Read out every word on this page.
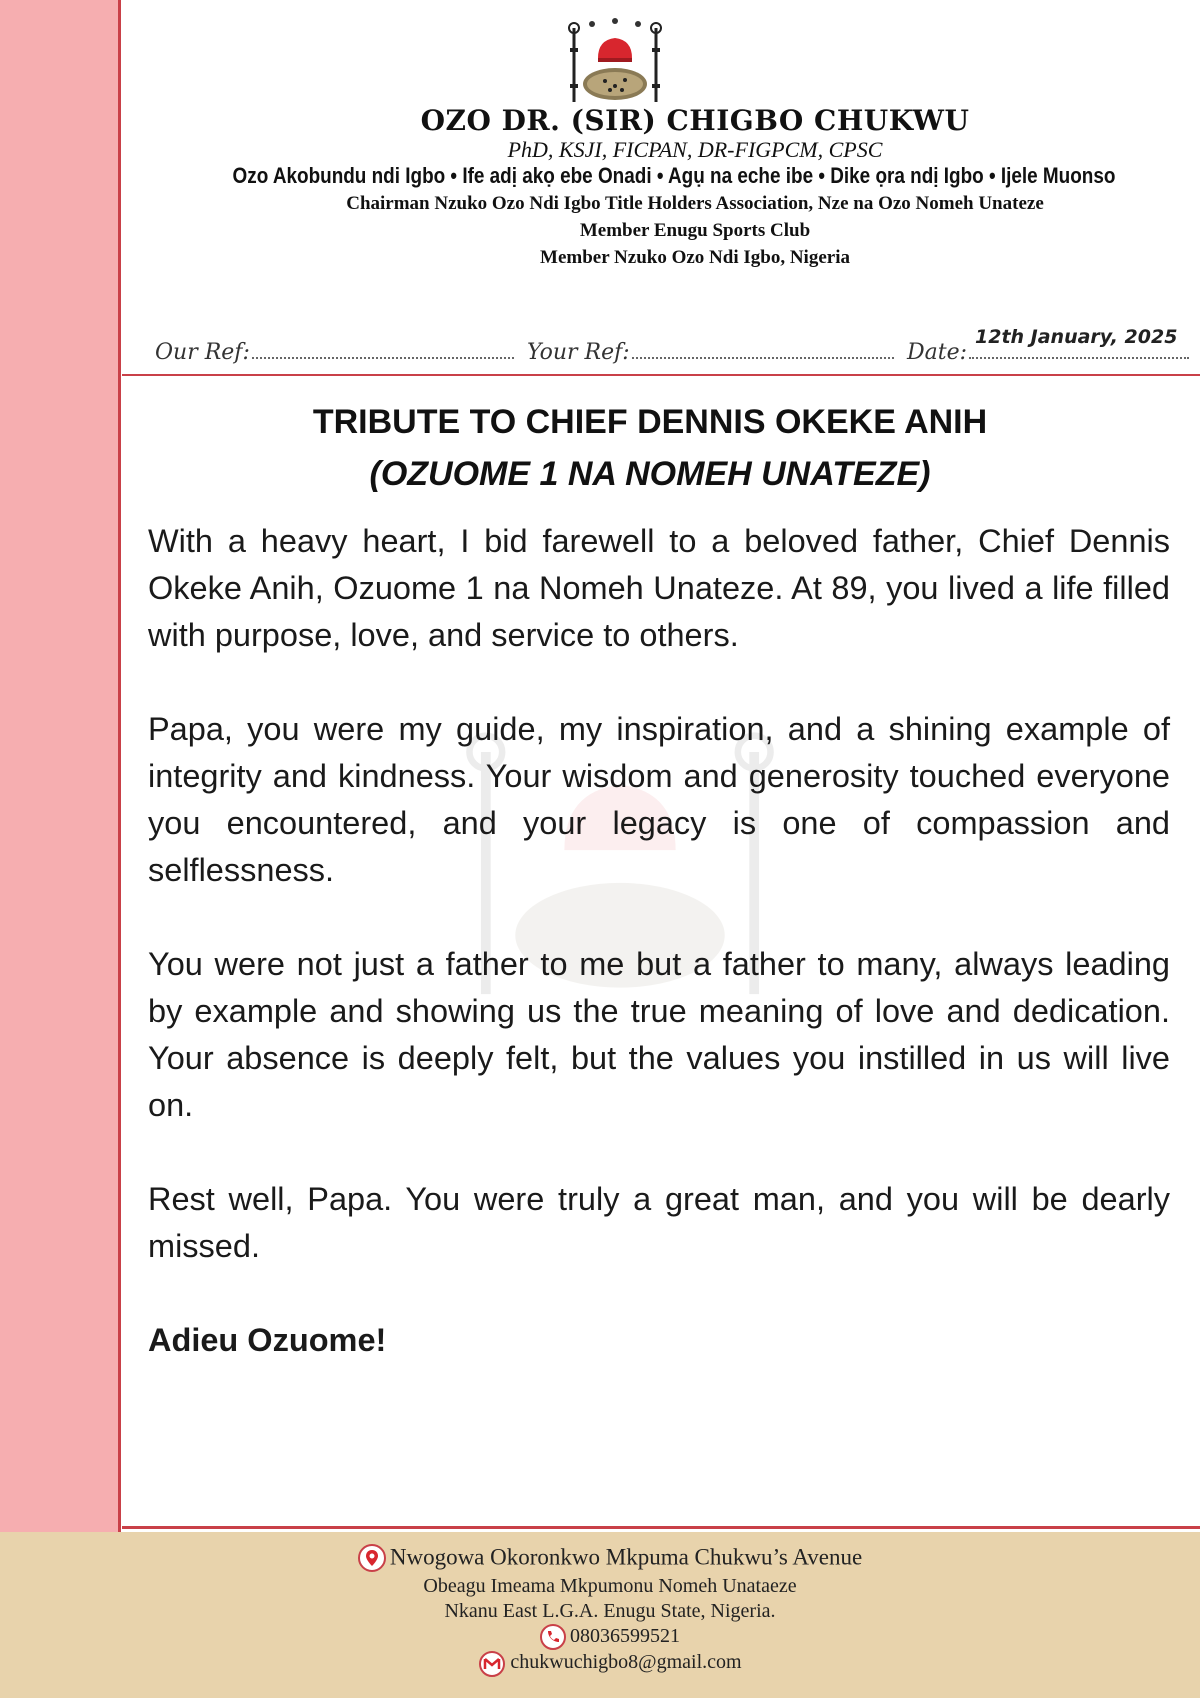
OZO DR. (SIR) CHIGBO CHUKWU
PhD, KSJI, FICPAN, DR-FIGPCM, CPSC
Ozo Akobundu ndi Igbo • Ife adị akọ ebe Onadi • Agụ na eche ibe • Dike ọra ndị Igbo • Ijele Muonso
Chairman Nzuko Ozo Ndi Igbo Title Holders Association, Nze na Ozo Nomeh Unateze
Member Enugu Sports Club
Member Nzuko Ozo Ndi Igbo, Nigeria
Our Ref:	Your Ref:	Date:
12th January, 2025
TRIBUTE TO CHIEF DENNIS OKEKE ANIH
(OZUOME 1 NA NOMEH UNATEZE)

With a heavy heart, I bid farewell to a beloved father, Chief Dennis Okeke Anih, Ozuome 1 na Nomeh Unateze. At 89, you lived a life filled with purpose, love, and service to others.

Papa, you were my guide, my inspiration, and a shining example of integrity and kindness. Your wisdom and generosity touched everyone you encountered, and your legacy is one of compassion and selflessness.

You were not just a father to me but a father to many, always leading by example and showing us the true meaning of love and dedication. Your absence is deeply felt, but the values you instilled in us will live on.

Rest well, Papa. You were truly a great man, and you will be dearly missed.

Adieu Ozuome!

Nwogowa Okoronkwo Mkpuma Chukwu’s Avenue
Obeagu Imeama Mkpumonu Nomeh Unataeze
Nkanu East L.G.A. Enugu State, Nigeria.
08036599521
chukwuchigbo8@gmail.com
